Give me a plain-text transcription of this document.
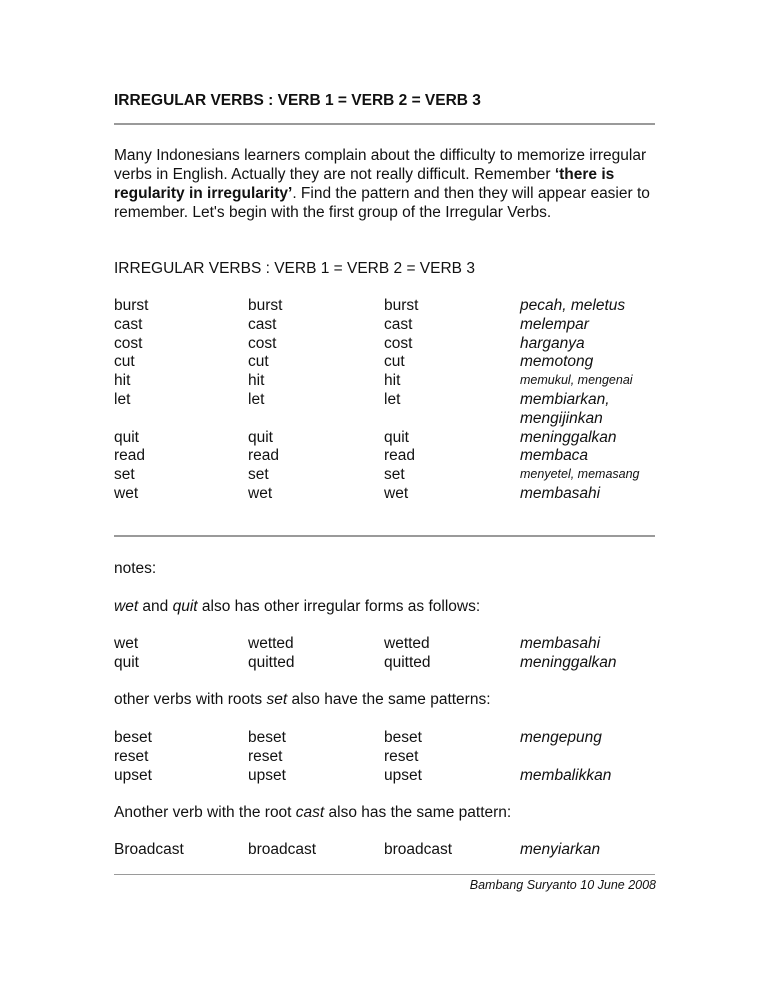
IRREGULAR VERBS : VERB 1 = VERB 2 = VERB 3
Many Indonesians learners complain about the difficulty to memorize irregular verbs in English. Actually they are not really difficult. Remember ‘there is regularity in irregularity’. Find the pattern and then they will appear easier to remember. Let's begin with the first group of the Irregular Verbs.
IRREGULAR VERBS : VERB 1 = VERB 2 = VERB 3
burst	burst	burst	pecah, meletus
cast	cast	cast	melempar
cost	cost	cost	harganya
cut	cut	cut	memotong
hit	hit	hit	memukul, mengenai
let	let	let	membiarkan,
mengijinkan
quit	quit	quit	meninggalkan
read	read	read	membaca
set	set	set	menyetel, memasang
wet	wet	wet	membasahi
notes:
wet and quit also has other irregular forms as follows:
wet	wetted	wetted	membasahi
quit	quitted	quitted	meninggalkan
other verbs with roots set also have the same patterns:
beset	beset	beset	mengepung
reset	reset	reset
upset	upset	upset	membalikkan
Another verb with the root cast also has the same pattern:
Broadcast	broadcast	broadcast	menyiarkan
Bambang Suryanto 10 June 2008
